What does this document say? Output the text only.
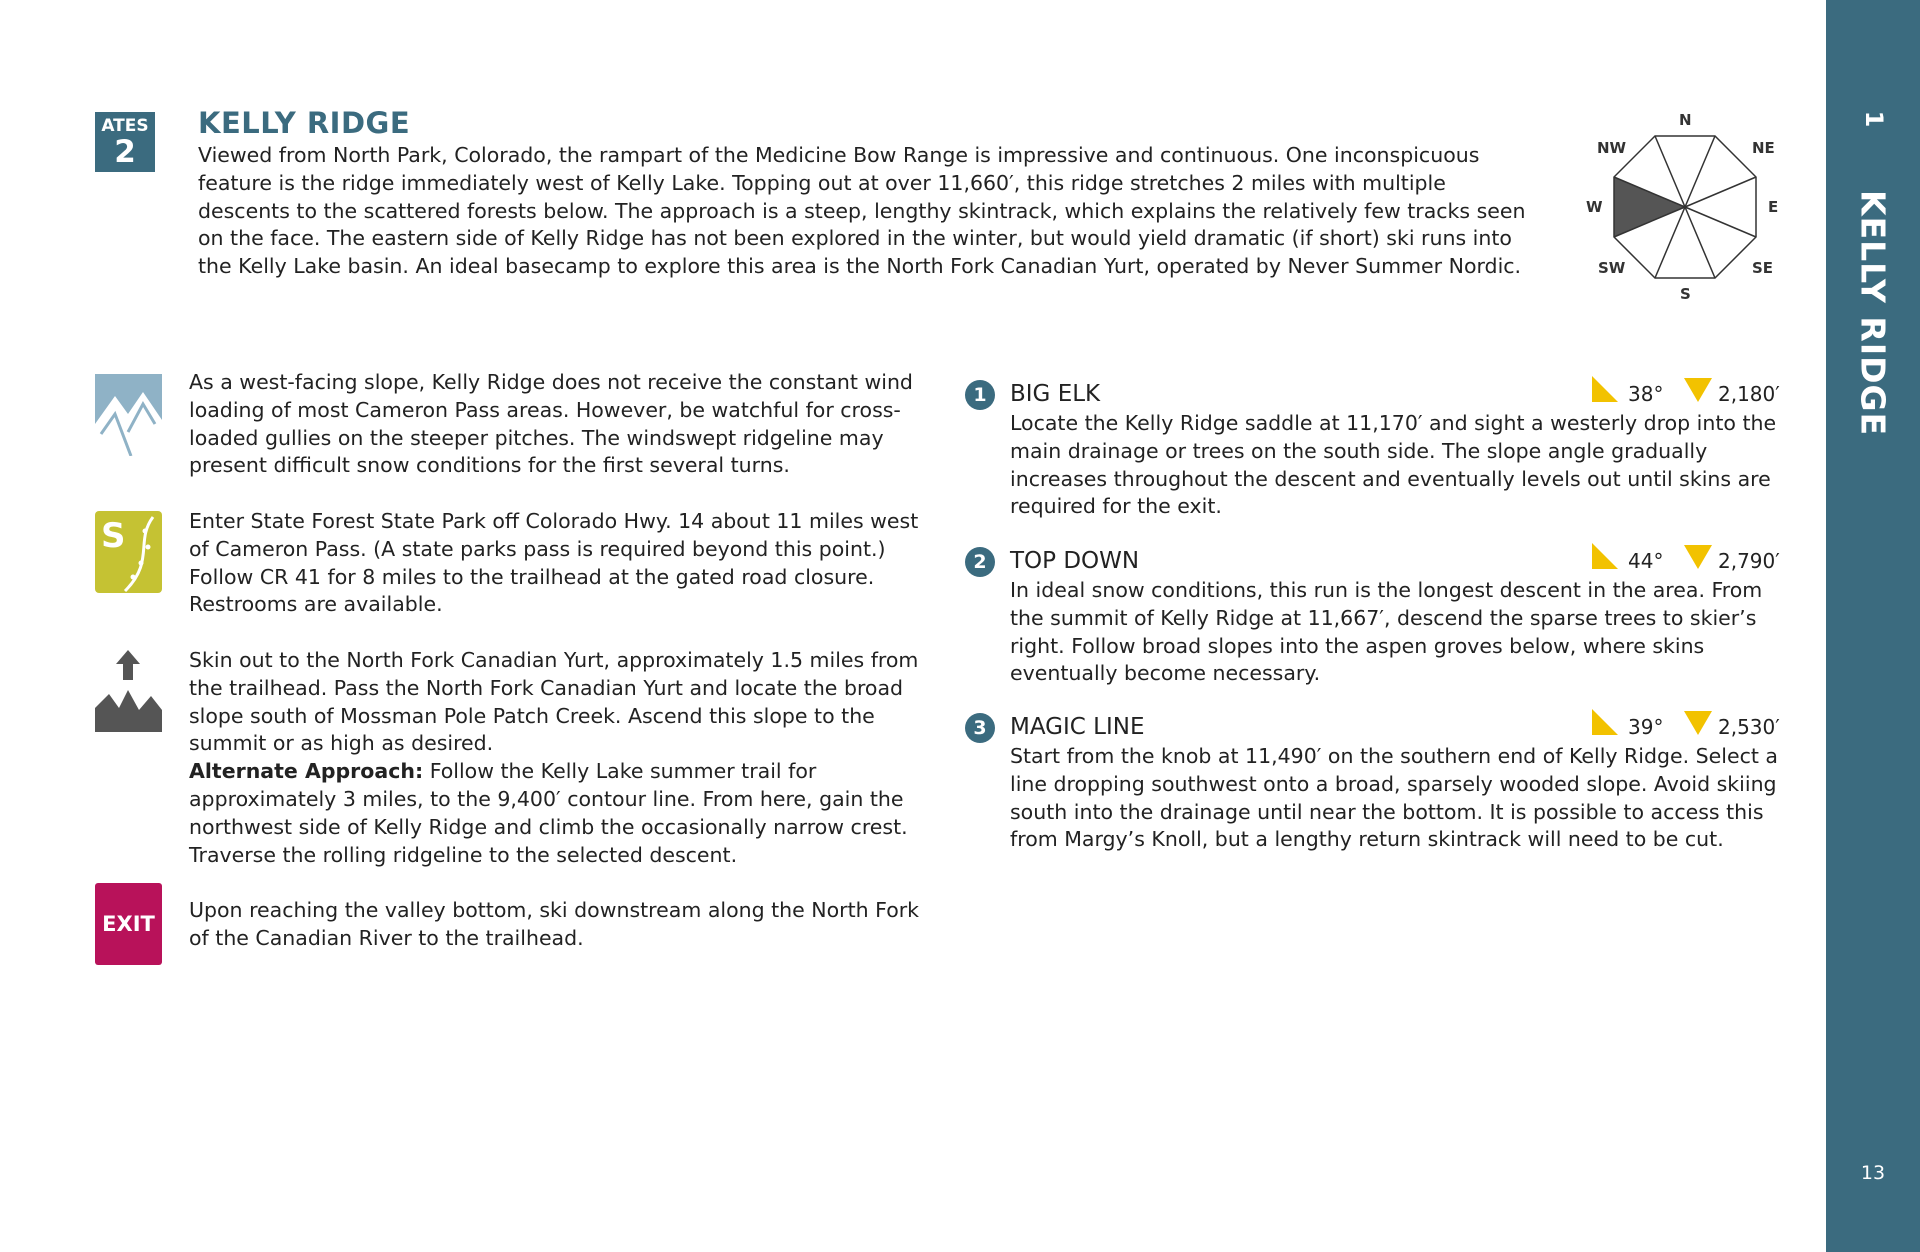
1
KELLY RIDGE
13
ATES
2
KELLY RIDGE

Viewed from North Park, Colorado, the rampart of the Medicine Bow Range is impressive and continuous. One inconspicuous feature is the ridge immediately west of Kelly Lake. Topping out at over 11,660′, this ridge stretches 2 miles with multiple descents to the scattered forests below. The approach is a steep, lengthy skintrack, which explains the relatively few tracks seen on the face. The eastern side of Kelly Ridge has not been explored in the winter, but would yield dramatic (if short) ski runs into the Kelly Lake basin. An ideal basecamp to explore this area is the North Fork Canadian Yurt, operated by Never Summer Nordic.

N
NE
E
SE
S
SW
W
NW

As a west-facing slope, Kelly Ridge does not receive the constant wind loading of most Cameron Pass areas. However, be watchful for cross-loaded gullies on the steeper pitches. The windswept ridgeline may present difficult snow conditions for the first several turns.

S	Enter State Forest State Park off Colorado Hwy. 14 about 11 miles west of Cameron Pass. (A state parks pass is required beyond this point.) Follow CR 41 for 8 miles to the trailhead at the gated road closure. Restrooms are available.

Skin out to the North Fork Canadian Yurt, approximately 1.5 miles from the trailhead. Pass the North Fork Canadian Yurt and locate the broad slope south of Mossman Pole Patch Creek. Ascend this slope to the summit or as high as desired.
Alternate Approach: Follow the Kelly Lake summer trail for approximately 3 miles, to the 9,400′ contour line. From here, gain the northwest side of Kelly Ridge and climb the occasionally narrow crest. Traverse the rolling ridgeline to the selected descent.

EXIT

Upon reaching the valley bottom, ski downstream along the North Fork of the Canadian River to the trailhead.

1	BIG ELK	38°	2,180′

Locate the Kelly Ridge saddle at 11,170′ and sight a westerly drop into the main drainage or trees on the south side. The slope angle gradually increases throughout the descent and eventually levels out until skins are required for the exit.

2	TOP DOWN	44°	2,790′

In ideal snow conditions, this run is the longest descent in the area. From the summit of Kelly Ridge at 11,667′, descend the sparse trees to skier’s right. Follow broad slopes into the aspen groves below, where skins eventually become necessary.

3	MAGIC LINE	39°	2,530′

Start from the knob at 11,490′ on the southern end of Kelly Ridge. Select a line dropping southwest onto a broad, sparsely wooded slope. Avoid skiing south into the drainage until near the bottom. It is possible to access this from Margy’s Knoll, but a lengthy return skintrack will need to be cut.
